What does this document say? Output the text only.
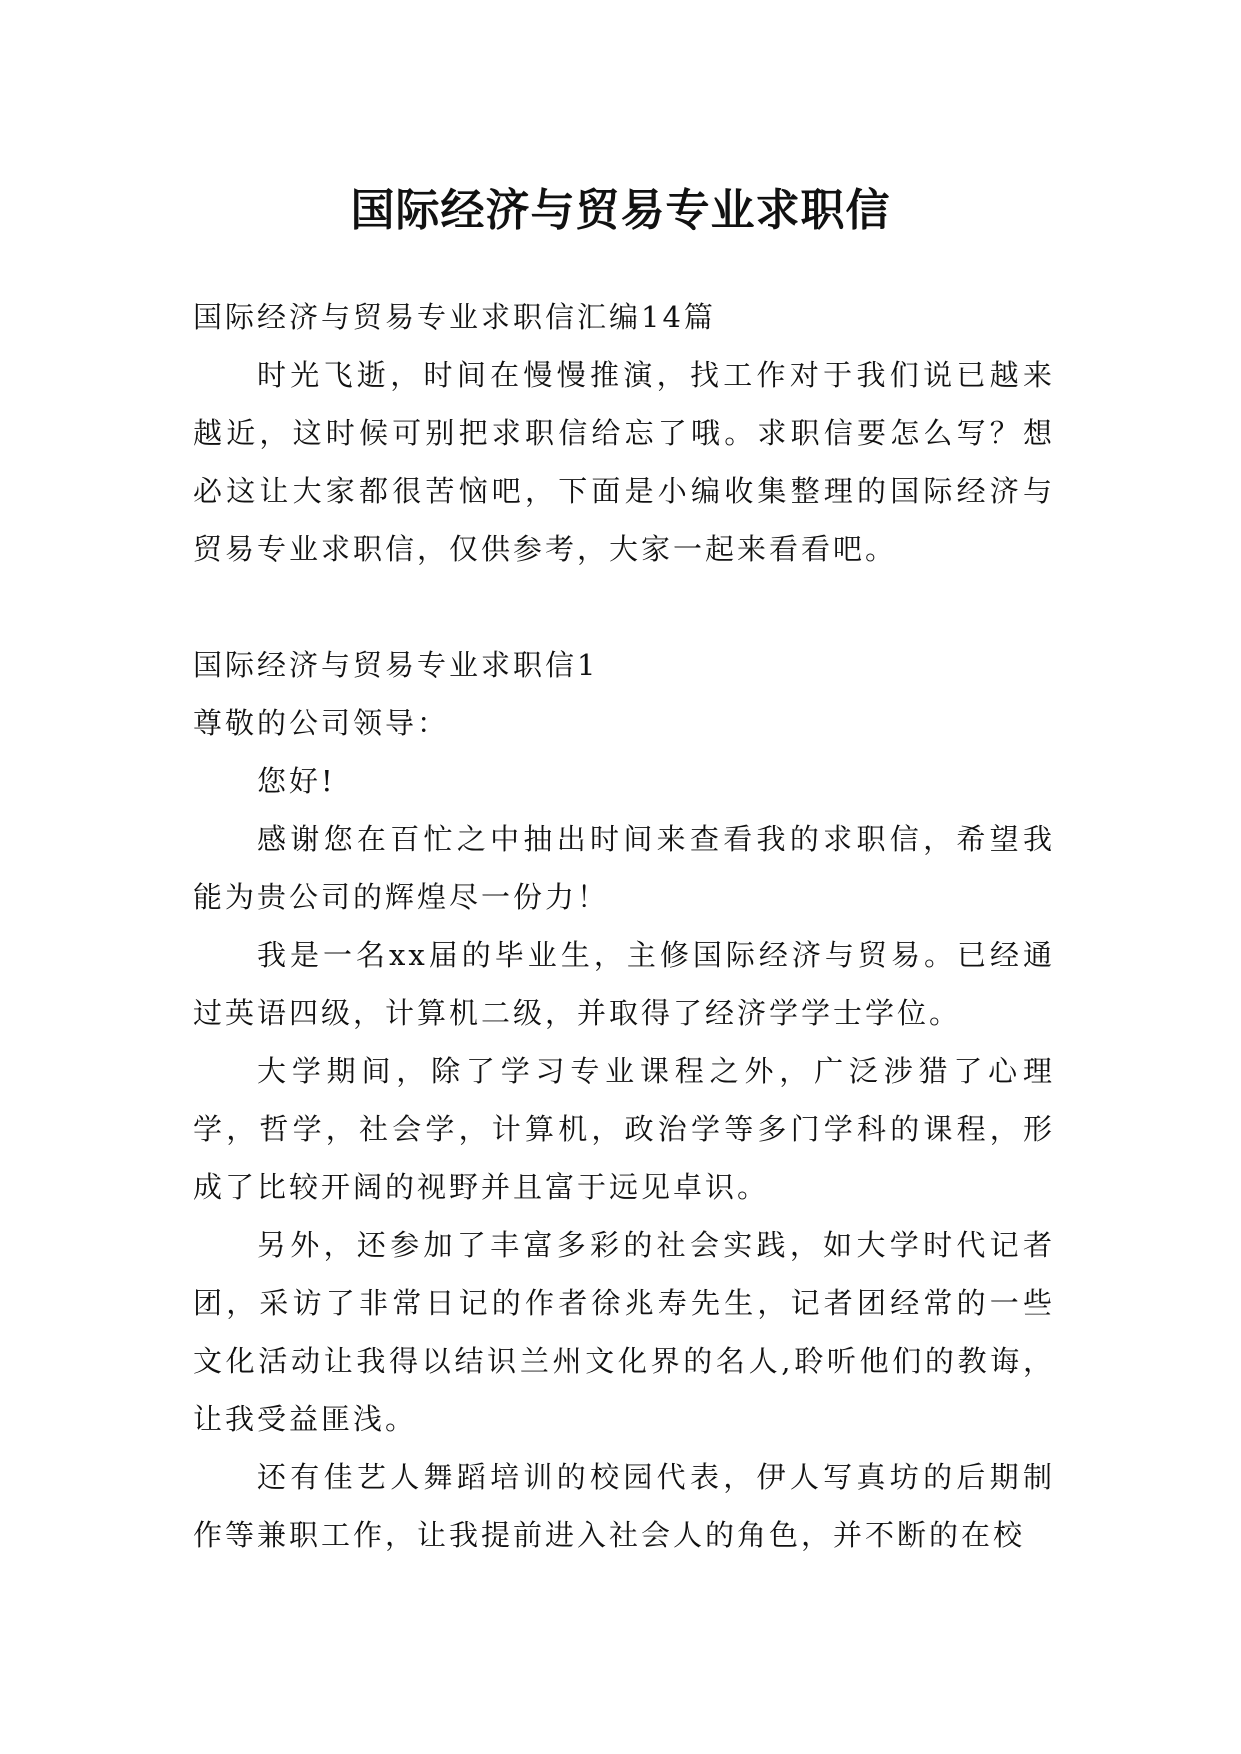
国际经济与贸易专业求职信

国际经济与贸易专业求职信汇编14篇

时光飞逝，时间在慢慢推演，找工作对于我们说已越来越近，这时候可别把求职信给忘了哦。求职信要怎么写？想必这让大家都很苦恼吧，下面是小编收集整理的国际经济与贸易专业求职信，仅供参考，大家一起来看看吧。

国际经济与贸易专业求职信1

尊敬的公司领导：

您好!

感谢您在百忙之中抽出时间来查看我的求职信，希望我能为贵公司的辉煌尽一份力！

我是一名xx届的毕业生，主修国际经济与贸易。已经通过英语四级，计算机二级，并取得了经济学学士学位。

大学期间，除了学习专业课程之外，广泛涉猎了心理学，哲学，社会学，计算机，政治学等多门学科的课程，形成了比较开阔的视野并且富于远见卓识。

另外，还参加了丰富多彩的社会实践，如大学时代记者团，采访了非常日记的作者徐兆寿先生，记者团经常的一些文化活动让我得以结识兰州文化界的名人,聆听他们的教诲，让我受益匪浅。

还有佳艺人舞蹈培训的校园代表，伊人写真坊的后期制作等兼职工作，让我提前进入社会人的角色，并不断的在校
